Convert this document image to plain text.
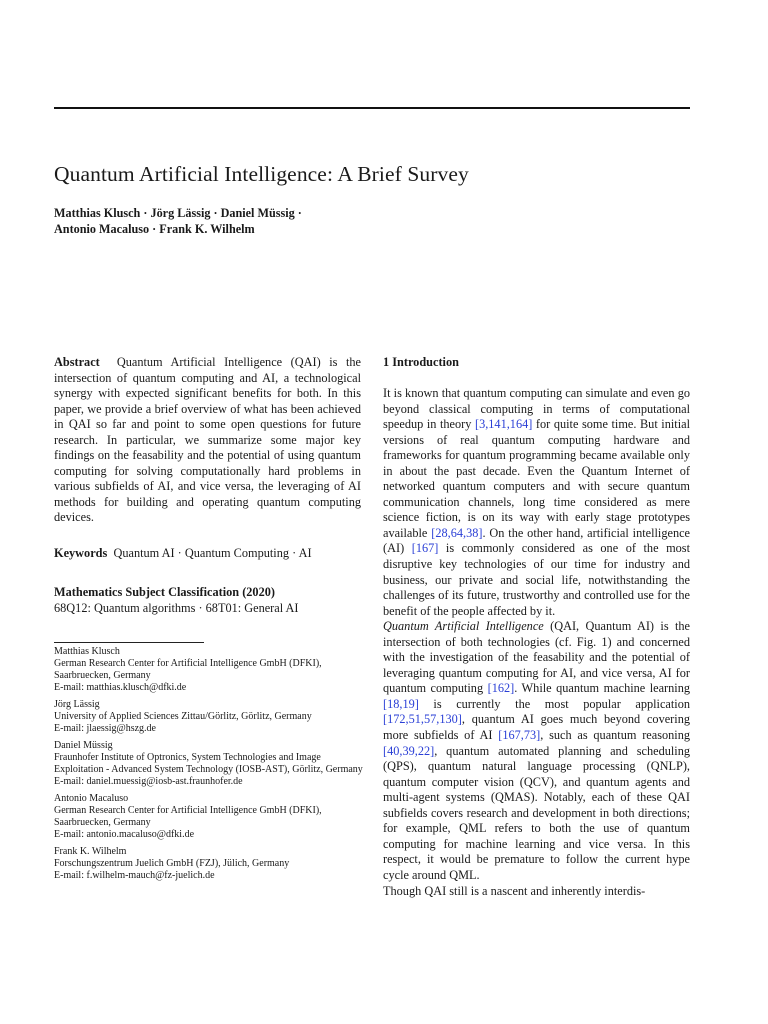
Quantum Artificial Intelligence: A Brief Survey
Matthias Klusch · Jörg Lässig · Daniel Müssig ·
Antonio Macaluso · Frank K. Wilhelm
Abstract Quantum Artificial Intelligence (QAI) is the intersection of quantum computing and AI, a technological synergy with expected significant benefits for both. In this paper, we provide a brief overview of what has been achieved in QAI so far and point to some open questions for future research. In particular, we summarize some major key findings on the feasability and the potential of using quantum computing for solving computationally hard problems in various subfields of AI, and vice versa, the leveraging of AI methods for building and operating quantum computing devices.
Keywords Quantum AI · Quantum Computing · AI
Mathematics Subject Classification (2020)
68Q12: Quantum algorithms · 68T01: General AI
Matthias Klusch
German Research Center for Artificial Intelligence GmbH (DFKI), Saarbruecken, Germany
E-mail: matthias.klusch@dfki.de
Jörg Lässig
University of Applied Sciences Zittau/Görlitz, Görlitz, Germany
E-mail: jlaessig@hszg.de
Daniel Müssig
Fraunhofer Institute of Optronics, System Technologies and Image Exploitation - Advanced System Technology (IOSB-AST), Görlitz, Germany
E-mail: daniel.muessig@iosb-ast.fraunhofer.de
Antonio Macaluso
German Research Center for Artificial Intelligence GmbH (DFKI), Saarbruecken, Germany
E-mail: antonio.macaluso@dfki.de
Frank K. Wilhelm
Forschungszentrum Juelich GmbH (FZJ), Jülich, Germany
E-mail: f.wilhelm-mauch@fz-juelich.de
1 Introduction

It is known that quantum computing can simulate and even go beyond classical computing in terms of computational speedup in theory [3,141,164] for quite some time. But initial versions of real quantum computing hardware and frameworks for quantum programming became available only in about the past decade. Even the Quantum Internet of networked quantum computers and with secure quantum communication channels, long time considered as mere science fiction, is on its way with early stage prototypes available [28,64,38]. On the other hand, artificial intelligence (AI) [167] is commonly considered as one of the most disruptive key technologies of our time for industry and business, our private and social life, notwithstanding the challenges of its future, trustworthy and controlled use for the benefit of the people affected by it.

Quantum Artificial Intelligence (QAI, Quantum AI) is the intersection of both technologies (cf. Fig. 1) and concerned with the investigation of the feasability and the potential of leveraging quantum computing for AI, and vice versa, AI for quantum computing [162]. While quantum machine learning [18,19] is currently the most popular application [172,51,57,130], quantum AI goes much beyond covering more subfields of AI [167,73], such as quantum reasoning [40,39,22], quantum automated planning and scheduling (QPS), quantum natural language processing (QNLP), quantum computer vision (QCV), and quantum agents and multi-agent systems (QMAS). Notably, each of these QAI subfields covers research and development in both directions; for example, QML refers to both the use of quantum computing for machine learning and vice versa. In this respect, it would be premature to follow the current hype cycle around QML.

Though QAI still is a nascent and inherently interdis-
